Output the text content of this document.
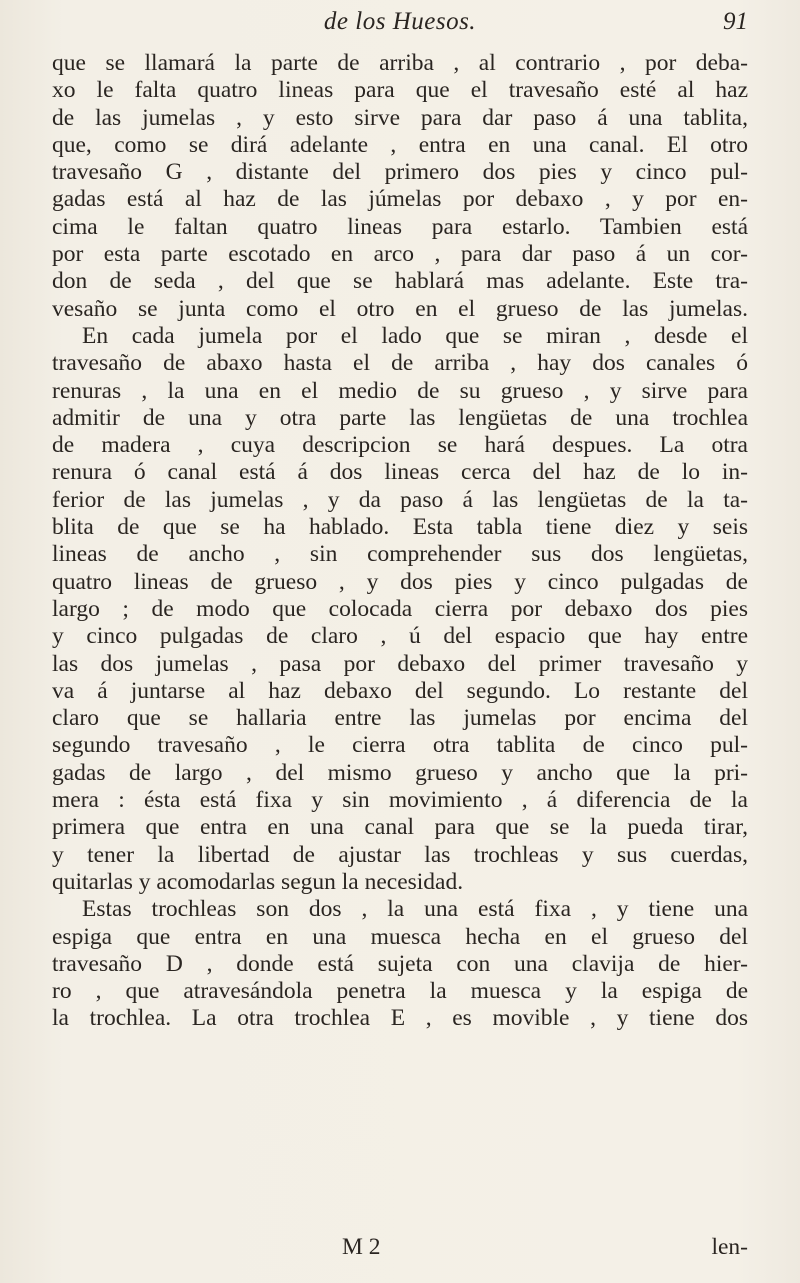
de los Huesos.	91
que se llamará la parte de arriba , al contrario , por deba-
xo le falta quatro lineas para que el travesaño esté al haz
de las jumelas , y esto sirve para dar paso á una tablita,
que, como se dirá adelante , entra en una canal. El otro
travesaño G , distante del primero dos pies y cinco pul-
gadas está al haz de las júmelas por debaxo , y por en-
cima le faltan quatro lineas para estarlo. Tambien está
por esta parte escotado en arco , para dar paso á un cor-
don de seda , del que se hablará mas adelante. Este tra-
vesaño se junta como el otro en el grueso de las jumelas.
En cada jumela por el lado que se miran , desde el
travesaño de abaxo hasta el de arriba , hay dos canales ó
renuras , la una en el medio de su grueso , y sirve para
admitir de una y otra parte las lengüetas de una trochlea
de madera , cuya descripcion se hará despues. La otra
renura ó canal está á dos lineas cerca del haz de lo in-
ferior de las jumelas , y da paso á las lengüetas de la ta-
blita de que se ha hablado. Esta tabla tiene diez y seis
lineas de ancho , sin comprehender sus dos lengüetas,
quatro lineas de grueso , y dos pies y cinco pulgadas de
largo ; de modo que colocada cierra por debaxo dos pies
y cinco pulgadas de claro , ú del espacio que hay entre
las dos jumelas , pasa por debaxo del primer travesaño y
va á juntarse al haz debaxo del segundo. Lo restante del
claro que se hallaria entre las jumelas por encima del
segundo travesaño , le cierra otra tablita de cinco pul-
gadas de largo , del mismo grueso y ancho que la pri-
mera : ésta está fixa y sin movimiento , á diferencia de la
primera que entra en una canal para que se la pueda tirar,
y tener la libertad de ajustar las trochleas y sus cuerdas,
quitarlas y acomodarlas segun la necesidad.
Estas trochleas son dos , la una está fixa , y tiene una
espiga que entra en una muesca hecha en el grueso del
travesaño D , donde está sujeta con una clavija de hier-
ro , que atravesándola penetra la muesca y la espiga de
la trochlea. La otra trochlea E , es movible , y tiene dos
M 2	len-
